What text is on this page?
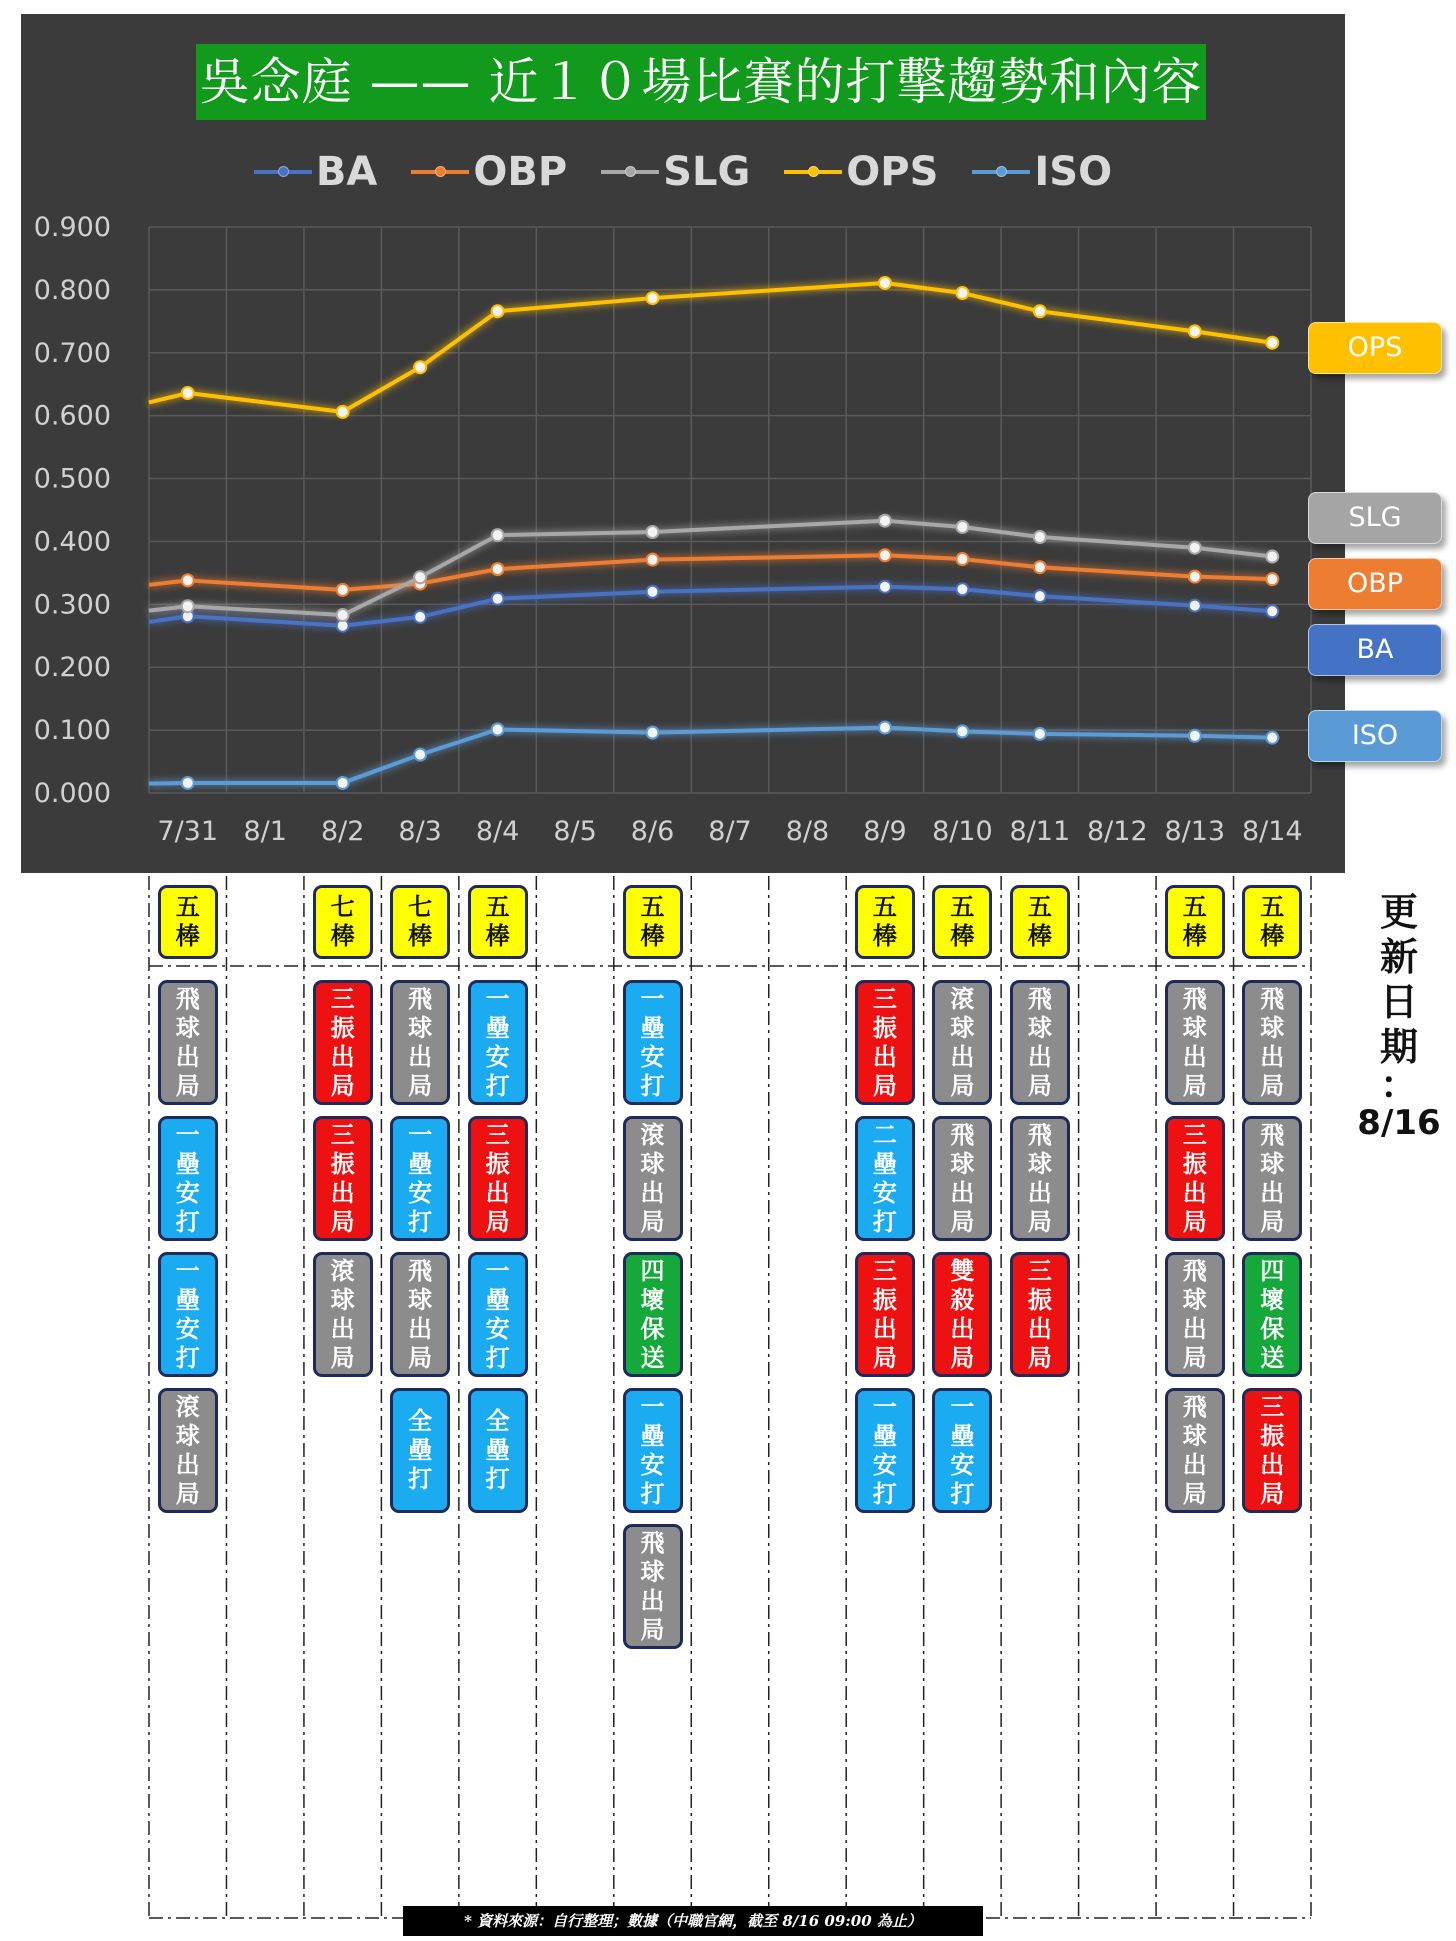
0.000
0.100
0.200
0.300
0.400
0.500
0.600
0.700
0.800
0.900
7/31 8/1 8/2 8/3 8/4 8/5 8/6 8/7 8/8 8/9 8/10 8/11 8/12 8/13 8/14
吳念庭 —— 近１０場比賽的打擊趨勢和內容
BA OBP SLG OPS ISO
五
棒
飛
球
出
局
一
壘
安
打
一
壘
安
打
滾
球
出
局
七
棒
三
振
出
局
三
振
出
局
滾
球
出
局
七
棒
飛
球
出
局
一
壘
安
打
飛
球
出
局
全
壘
打
五
棒
一
壘
安
打
三
振
出
局
一
壘
安
打
全
壘
打
五
棒
一
壘
安
打
滾
球
出
局
四
壞
保
送
一
壘
安
打
飛
球
出
局
五
棒
三
振
出
局
二
壘
安
打
三
振
出
局
一
壘
安
打
五
棒
滾
球
出
局
飛
球
出
局
雙
殺
出
局
一
壘
安
打
五
棒
飛
球
出
局
飛
球
出
局
三
振
出
局
五
棒
飛
球
出
局
三
振
出
局
飛
球
出
局
飛
球
出
局
五
棒
飛
球
出
局
飛
球
出
局
四
壞
保
送
三
振
出
局
OPS
SLG
OBP
BA
ISO
更
新
日
期
：
8/16
* 資料來源：自行整理；數據（中職官網，截至 8/16 09:00 為止）
